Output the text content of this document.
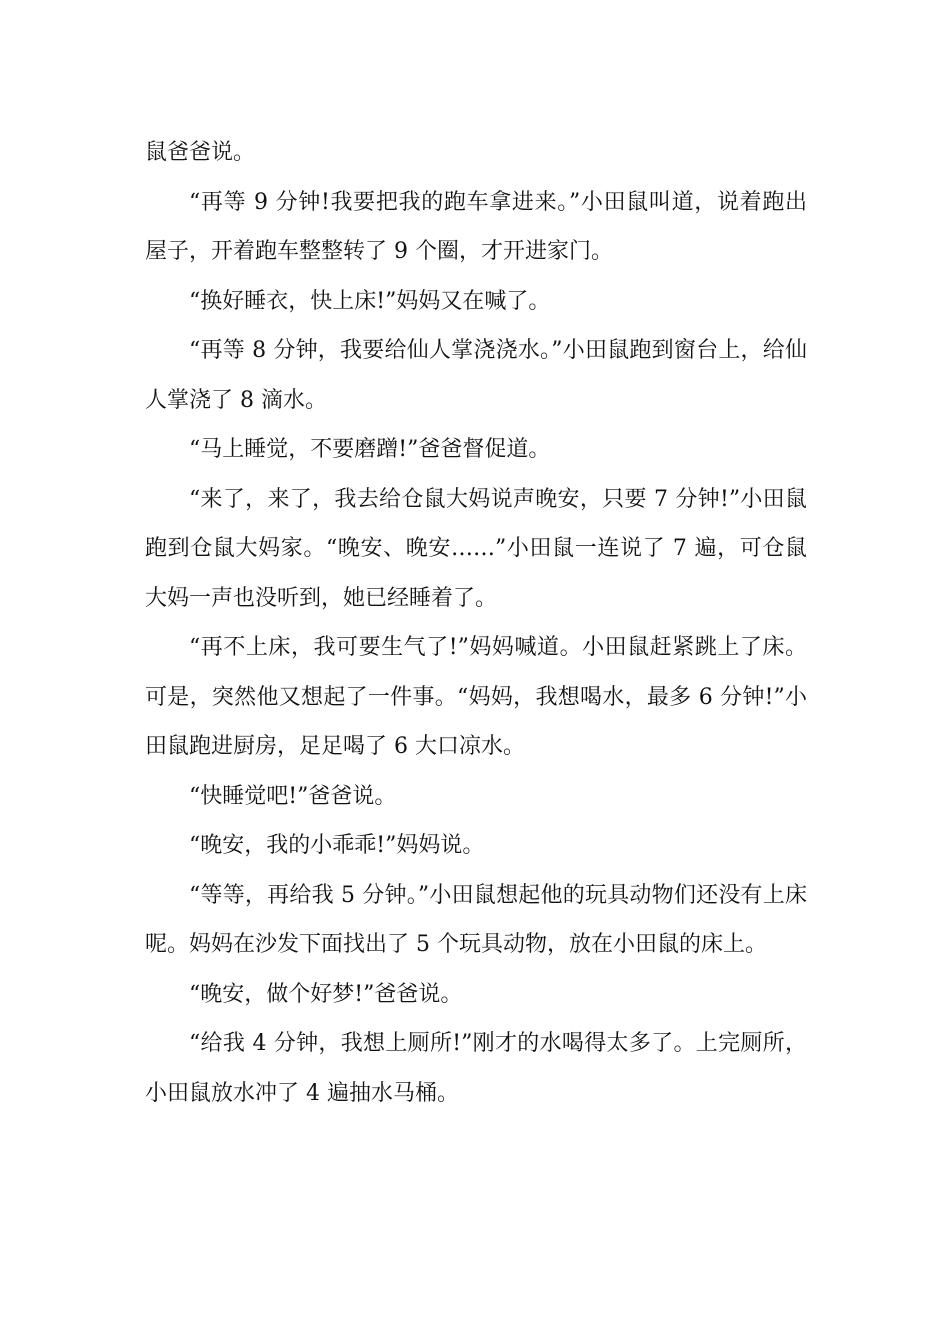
鼠爸爸说。

“再等 9 分钟!我要把我的跑车拿进来。”小田鼠叫道，说着跑出屋子，开着跑车整整转了 9 个圈，才开进家门。

“换好睡衣，快上床!”妈妈又在喊了。

“再等 8 分钟，我要给仙人掌浇浇水。”小田鼠跑到窗台上，给仙人掌浇了 8 滴水。

“马上睡觉，不要磨蹭!”爸爸督促道。

“来了，来了，我去给仓鼠大妈说声晚安，只要 7 分钟!”小田鼠跑到仓鼠大妈家。“晚安、晚安……”小田鼠一连说了 7 遍，可仓鼠大妈一声也没听到，她已经睡着了。

“再不上床，我可要生气了!”妈妈喊道。小田鼠赶紧跳上了床。可是，突然他又想起了一件事。“妈妈，我想喝水，最多 6 分钟!”小田鼠跑进厨房，足足喝了 6 大口凉水。

“快睡觉吧!”爸爸说。

“晚安，我的小乖乖!”妈妈说。

“等等，再给我 5 分钟。”小田鼠想起他的玩具动物们还没有上床呢。妈妈在沙发下面找出了 5 个玩具动物，放在小田鼠的床上。

“晚安，做个好梦!”爸爸说。

“给我 4 分钟，我想上厕所!”刚才的水喝得太多了。上完厕所，小田鼠放水冲了 4 遍抽水马桶。
